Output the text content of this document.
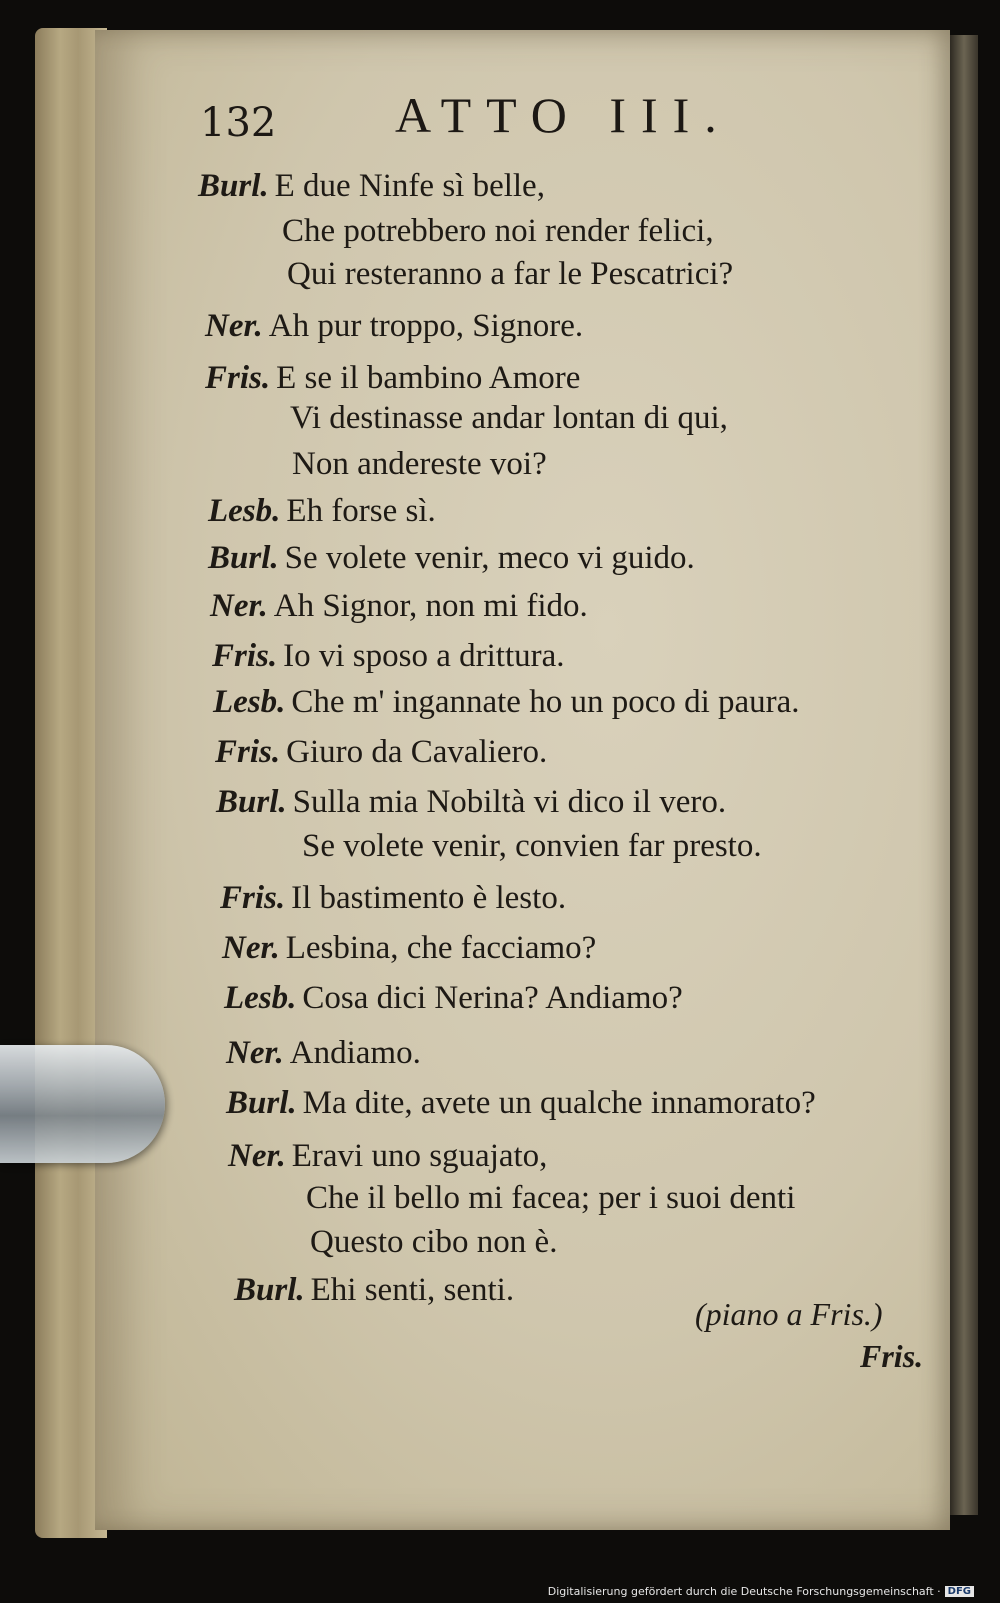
132 ATTO III.
Burl. E due Ninfe sì belle,
Che potrebbero noi render felici,
Qui resteranno a far le Pescatrici?
Ner. Ah pur troppo, Signore.
Fris. E se il bambino Amore
Vi destinasse andar lontan di qui,
Non andereste voi?
Lesb. Eh forse sì.
Burl. Se volete venir, meco vi guido.
Ner. Ah Signor, non mi fido.
Fris. Io vi sposo a drittura.
Lesb. Che m' ingannate ho un poco di paura.
Fris. Giuro da Cavaliero.
Burl. Sulla mia Nobiltà vi dico il vero.
Se volete venir, convien far presto.
Fris. Il bastimento è lesto.
Ner. Lesbina, che facciamo?
Lesb. Cosa dici Nerina? Andiamo?
Ner. Andiamo.
Burl. Ma dite, avete un qualche innamorato?
Ner. Eravi uno sguajato,
Che il bello mi facea; per i suoi denti
Questo cibo non è.
Burl. Ehi senti, senti.
(piano a Fris.)
Fris.
Digitalisierung gefördert durch die Deutsche Forschungsgemeinschaft · DFG
